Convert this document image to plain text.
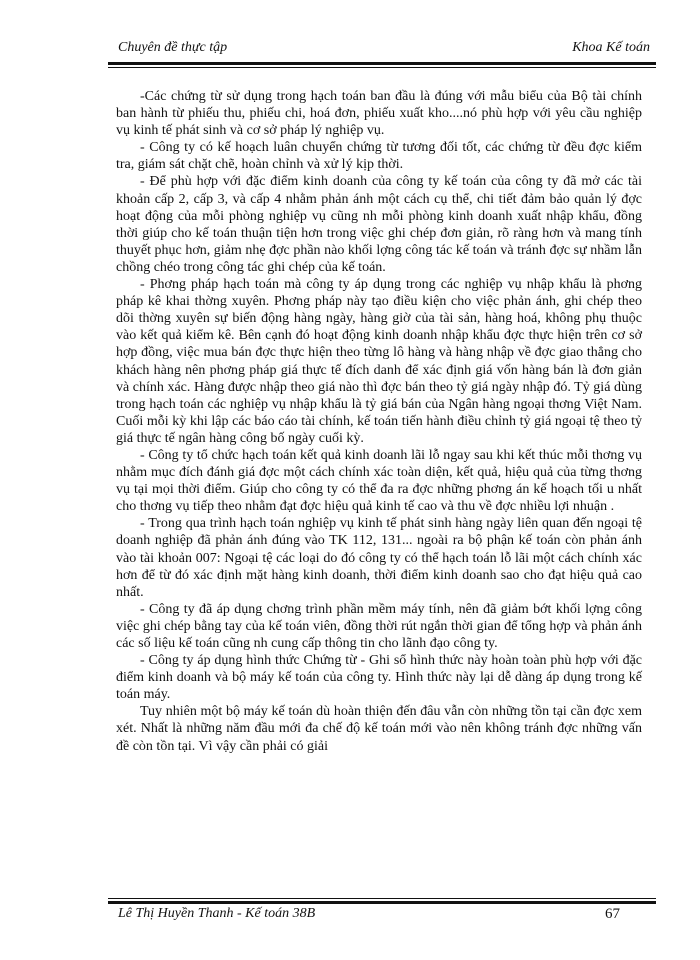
Chuyên đề thực tập	Khoa Kế toán

-Các chứng từ sử dụng trong hạch toán ban đầu là đúng với mẫu biểu của Bộ tài chính ban hành từ phiếu thu, phiếu chi, hoá đơn, phiếu xuất kho....nó phù hợp với yêu cầu nghiệp vụ kinh tế phát sinh và cơ sở pháp lý nghiệp vụ.

- Công ty có kế hoạch luân chuyển chứng từ tương đối tốt, các chứng từ đều đợc kiểm tra, giám sát chặt chẽ, hoàn chỉnh và xử lý kịp thời.

- Để phù hợp với đặc điểm kinh doanh của công ty kế toán của công ty đã mở các tài khoản cấp 2, cấp 3, và cấp 4 nhằm phản ánh một cách cụ thể, chi tiết đảm bảo quản lý đợc hoạt động của mỗi phòng nghiệp vụ cũng nh mỗi phòng kinh doanh xuất nhập khẩu, đồng thời giúp cho kế toán thuận tiện hơn trong việc ghi chép đơn giản, rõ ràng hơn và mang tính thuyết phục hơn, giảm nhẹ đợc phần nào khối lợng công tác kế toán và tránh đợc sự nhầm lẫn chồng chéo trong công tác ghi chép của kế toán.

- Phơng pháp hạch toán mà công ty áp dụng trong các nghiệp vụ nhập khẩu là phơng pháp kê khai thờng xuyên. Phơng pháp này tạo điều kiện cho việc phản ánh, ghi chép theo dõi thờng xuyên sự biến động hàng ngày, hàng giờ của tài sản, hàng hoá, không phụ thuộc vào kết quả kiểm kê. Bên cạnh đó hoạt động kinh doanh nhập khẩu đợc thực hiện trên cơ sở hợp đồng, việc mua bán đợc thực hiện theo từng lô hàng và hàng nhập về đợc giao thẳng cho khách hàng nên phơng pháp giá thực tế đích danh để xác định giá vốn hàng bán là đơn giản và chính xác. Hàng được nhập theo giá nào thì đợc bán theo tỷ giá ngày nhập đó. Tỷ giá dùng trong hạch toán các nghiệp vụ nhập khẩu là tỷ giá bán của Ngân hàng ngoại thơng Việt Nam. Cuối mỗi kỳ khi lập các báo cáo tài chính, kế toán tiến hành điều chỉnh tỷ giá ngoại tệ theo tỷ giá thực tế ngân hàng công bố ngày cuối kỳ.

- Công ty tổ chức hạch toán kết quả kinh doanh lãi lỗ ngay sau khi kết thúc mỗi thơng vụ nhằm mục đích đánh giá đợc một cách chính xác toàn diện, kết quả, hiệu quả của từng thơng vụ tại mọi thời điểm. Giúp cho công ty có thể đa ra đợc những phơng án kế hoạch tối u nhất cho thơng vụ tiếp theo nhằm đạt đợc hiệu quả kinh tế cao và thu về đợc nhiều lợi nhuận .

- Trong qua trình hạch toán nghiệp vụ kinh tế phát sinh hàng ngày liên quan đến ngoại tệ doanh nghiệp đã phản ánh đúng vào TK 112, 131... ngoài ra bộ phận kế toán còn phản ánh vào tài khoản 007: Ngoại tệ các loại do đó công ty có thể hạch toán lỗ lãi một cách chính xác hơn để từ đó xác định mặt hàng kinh doanh, thời điểm kinh doanh sao cho đạt hiệu quả cao nhất.

- Công ty đã áp dụng chơng trình phần mềm máy tính, nên đã giảm bớt khối lợng công việc ghi chép bằng tay của kế toán viên, đồng thời rút ngắn thời gian để tổng hợp và phản ánh các số liệu kế toán cũng nh cung cấp thông tin cho lãnh đạo công ty.

- Công ty áp dụng hình thức Chứng từ - Ghi sổ hình thức này hoàn toàn phù hợp với đặc điểm kinh doanh và bộ máy kế toán của công ty. Hình thức này lại dễ dàng áp dụng trong kế toán máy.

Tuy nhiên một bộ máy kế toán dù hoàn thiện đến đâu vẫn còn những tồn tại cần đợc xem xét. Nhất là những năm đầu mới đa chế độ kế toán mới vào nên không tránh đợc những vấn đề còn tồn tại. Vì vậy cần phải có giải

Lê Thị Huyền Thanh - Kế toán 38B	67
